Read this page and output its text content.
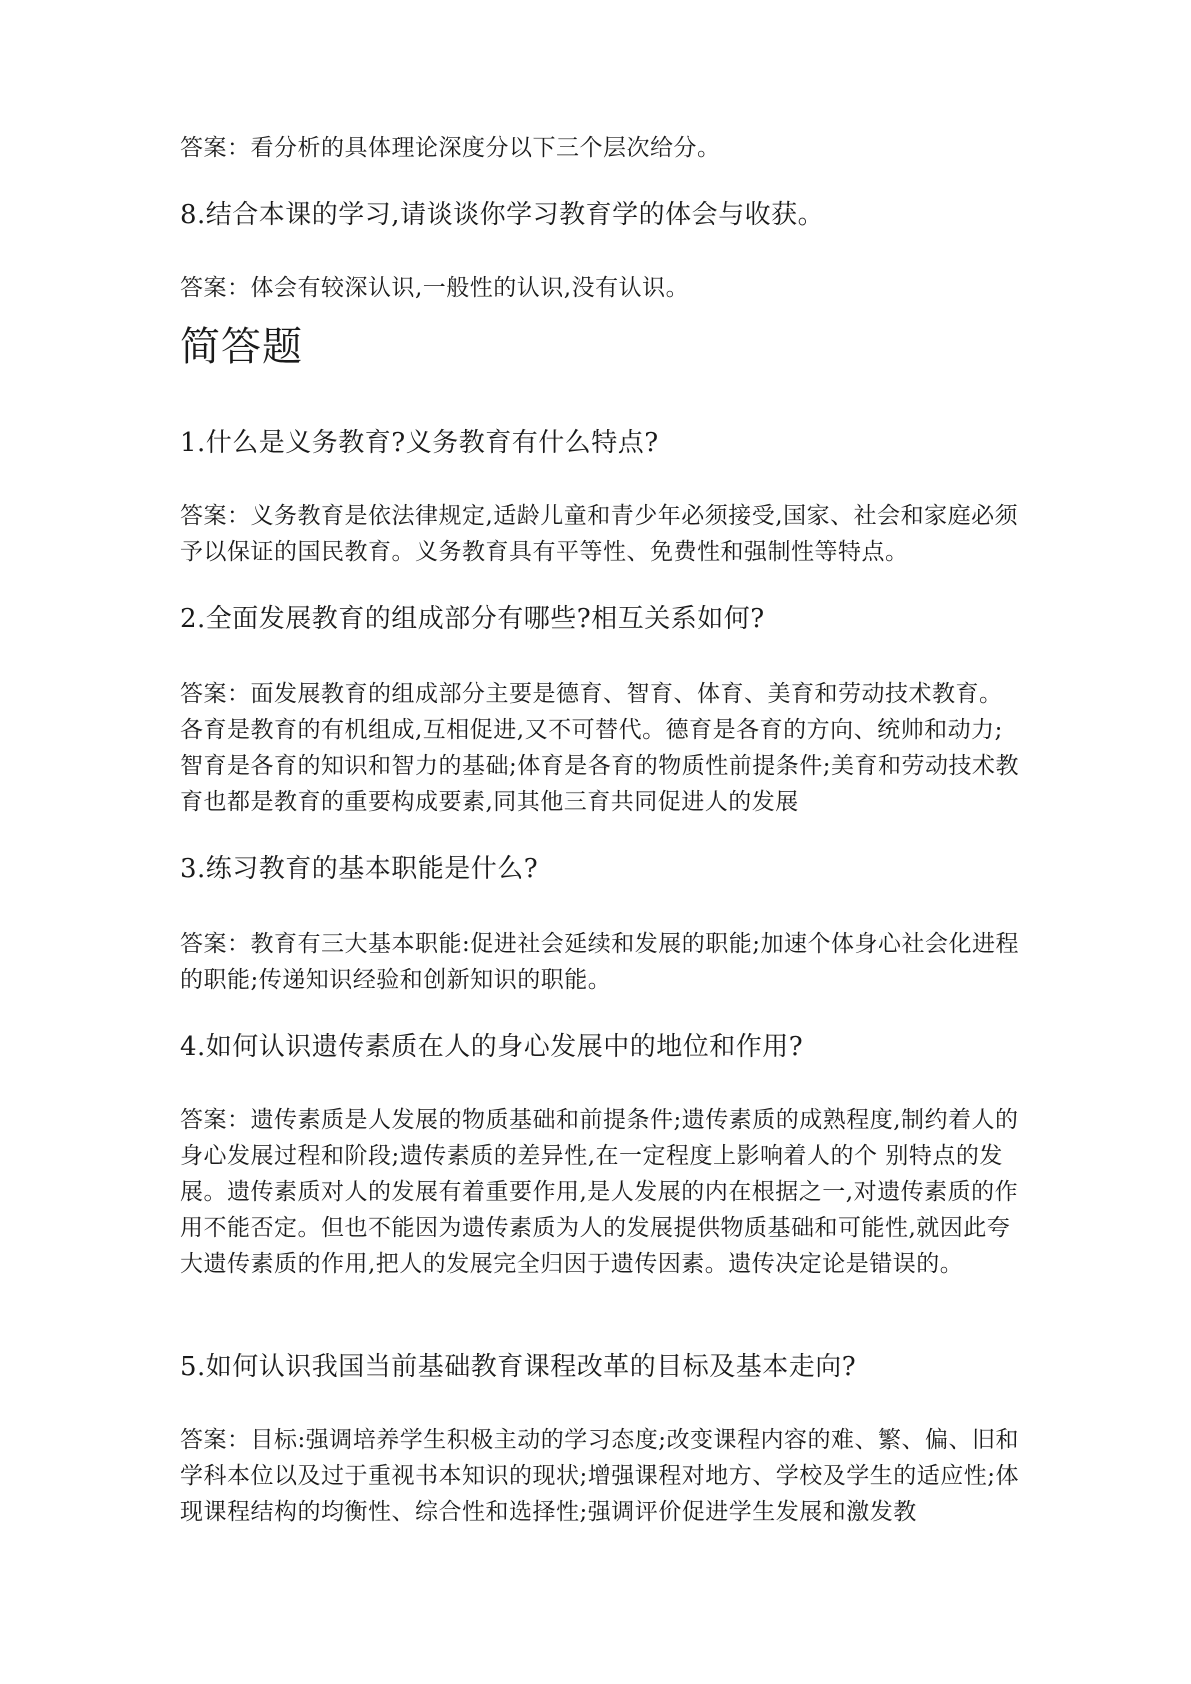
答案：看分析的具体理论深度分以下三个层次给分。

8.结合本课的学习,请谈谈你学习教育学的体会与收获。

答案：体会有较深认识,一般性的认识,没有认识。

简答题

1.什么是义务教育?义务教育有什么特点?

答案：义务教育是依法律规定,适龄儿童和青少年必须接受,国家、社会和家庭必须予以保证的国民教育。义务教育具有平等性、免费性和强制性等特点。

2.全面发展教育的组成部分有哪些?相互关系如何?

答案：面发展教育的组成部分主要是德育、智育、体育、美育和劳动技术教育。各育是教育的有机组成,互相促进,又不可替代。德育是各育的方向、统帅和动力;智育是各育的知识和智力的基础;体育是各育的物质性前提条件;美育和劳动技术教育也都是教育的重要构成要素,同其他三育共同促进人的发展

3.练习教育的基本职能是什么?

答案：教育有三大基本职能:促进社会延续和发展的职能;加速个体身心社会化进程的职能;传递知识经验和创新知识的职能。

4.如何认识遗传素质在人的身心发展中的地位和作用?

答案：遗传素质是人发展的物质基础和前提条件;遗传素质的成熟程度,制约着人的身心发展过程和阶段;遗传素质的差异性,在一定程度上影响着人的个 别特点的发展。遗传素质对人的发展有着重要作用,是人发展的内在根据之一,对遗传素质的作用不能否定。但也不能因为遗传素质为人的发展提供物质基础和可能性,就因此夸大遗传素质的作用,把人的发展完全归因于遗传因素。遗传决定论是错误的。

5.如何认识我国当前基础教育课程改革的目标及基本走向?

答案：目标:强调培养学生积极主动的学习态度;改变课程内容的难、繁、偏、旧和学科本位以及过于重视书本知识的现状;增强课程对地方、学校及学生的适应性;体现课程结构的均衡性、综合性和选择性;强调评价促进学生发展和激发教
